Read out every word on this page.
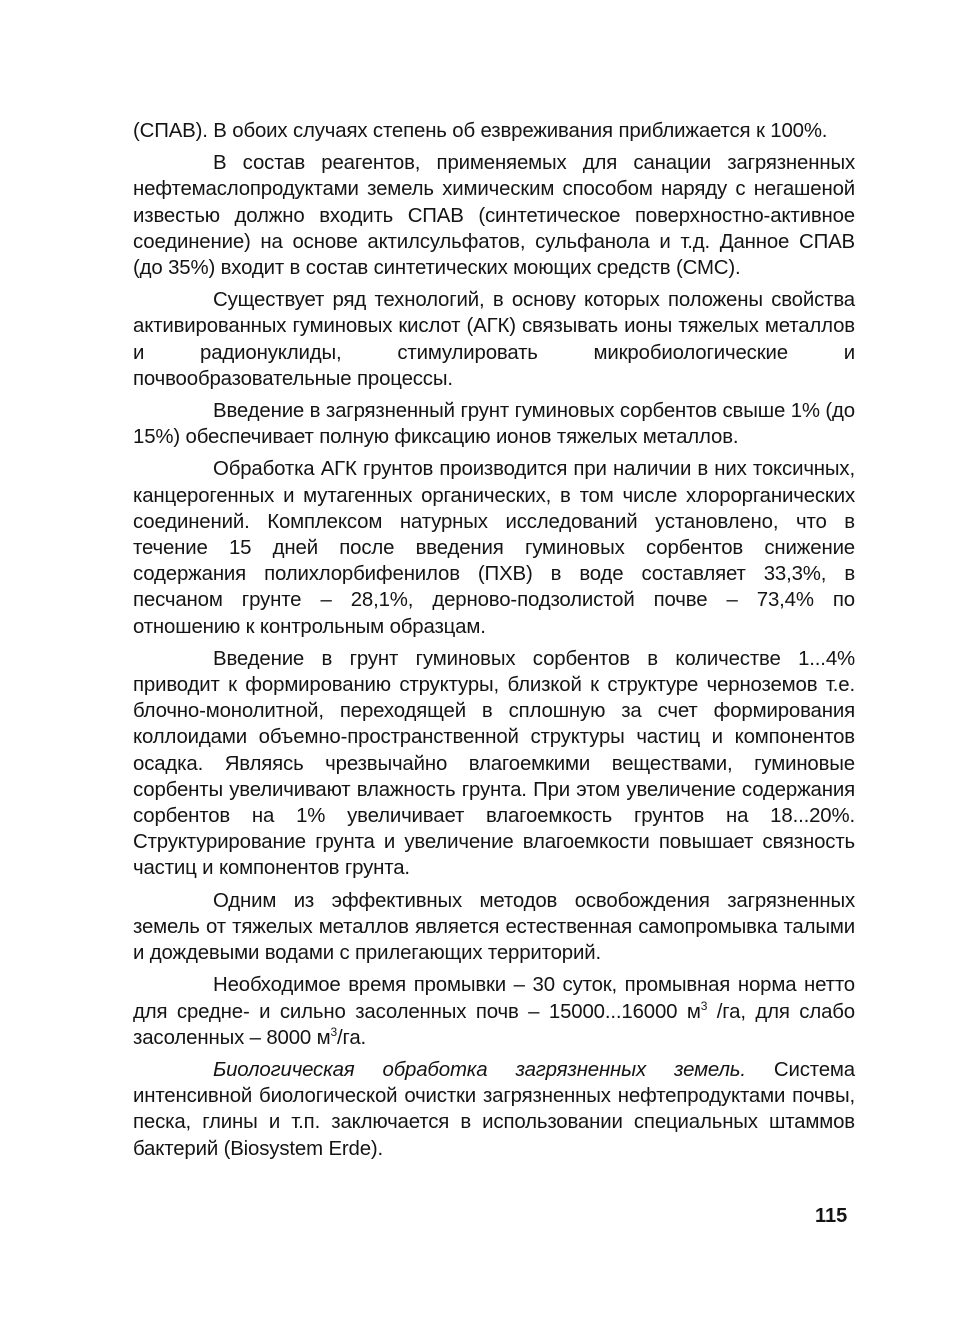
(СПАВ). В обоих случаях степень об езвреживания приближается к 100%.

В состав реагентов, применяемых для санации загрязненных нефтемаслопродуктами земель химическим способом наряду с негашеной известью должно входить СПАВ (синтетическое поверхностно-активное соединение) на основе актилсульфатов, сульфанола и т.д. Данное СПАВ (до 35%) входит в состав синтетических моющих средств (СМС).

Существует ряд технологий, в основу которых положены свойства активированных гуминовых кислот (АГК) связывать ионы тяжелых металлов и радионуклиды, стимулировать микробиологические и почвообразовательные процессы.

Введение в загрязненный грунт гуминовых сорбентов свыше 1% (до 15%) обеспечивает полную фиксацию ионов тяжелых металлов.

Обработка АГК грунтов производится при наличии в них токсичных, канцерогенных и мутагенных органических, в том числе хлорорганических соединений. Комплексом натурных исследований установлено, что в течение 15 дней после введения гуминовых сорбентов снижение содержания полихлорбифенилов (ПХВ) в воде составляет 33,3%, в песчаном грунте – 28,1%, дерново-подзолистой почве – 73,4% по отношению к контрольным образцам.

Введение в грунт гуминовых сорбентов в количестве 1...4% приводит к формированию структуры, близкой к структуре черноземов т.е. блочно-монолитной, переходящей в сплошную за счет формирования коллоидами объемно-пространственной структуры частиц и компонентов осадка. Являясь чрезвычайно влагоемкими веществами, гуминовые сорбенты увеличивают влажность грунта. При этом увеличение содержания сорбентов на 1% увеличивает влагоемкость грунтов на 18...20%. Структурирование грунта и увеличение влагоемкости повышает связность частиц и компонентов грунта.

Одним из эффективных методов освобождения загрязненных земель от тяжелых металлов является естественная самопромывка талыми и дождевыми водами с прилегающих территорий.

Необходимое время промывки – 30 суток, промывная норма нетто для средне- и сильно засоленных почв – 15000...16000 $м^3$ /га, для слабо засоленных – 8000 $м^3/га$.

Биологическая обработка загрязненных земель. Система интенсивной биологической очистки загрязненных нефтепродуктами почвы, песка, глины и т.п. заключается в использовании специальных штаммов бактерий (Biosystem Erde).

115
